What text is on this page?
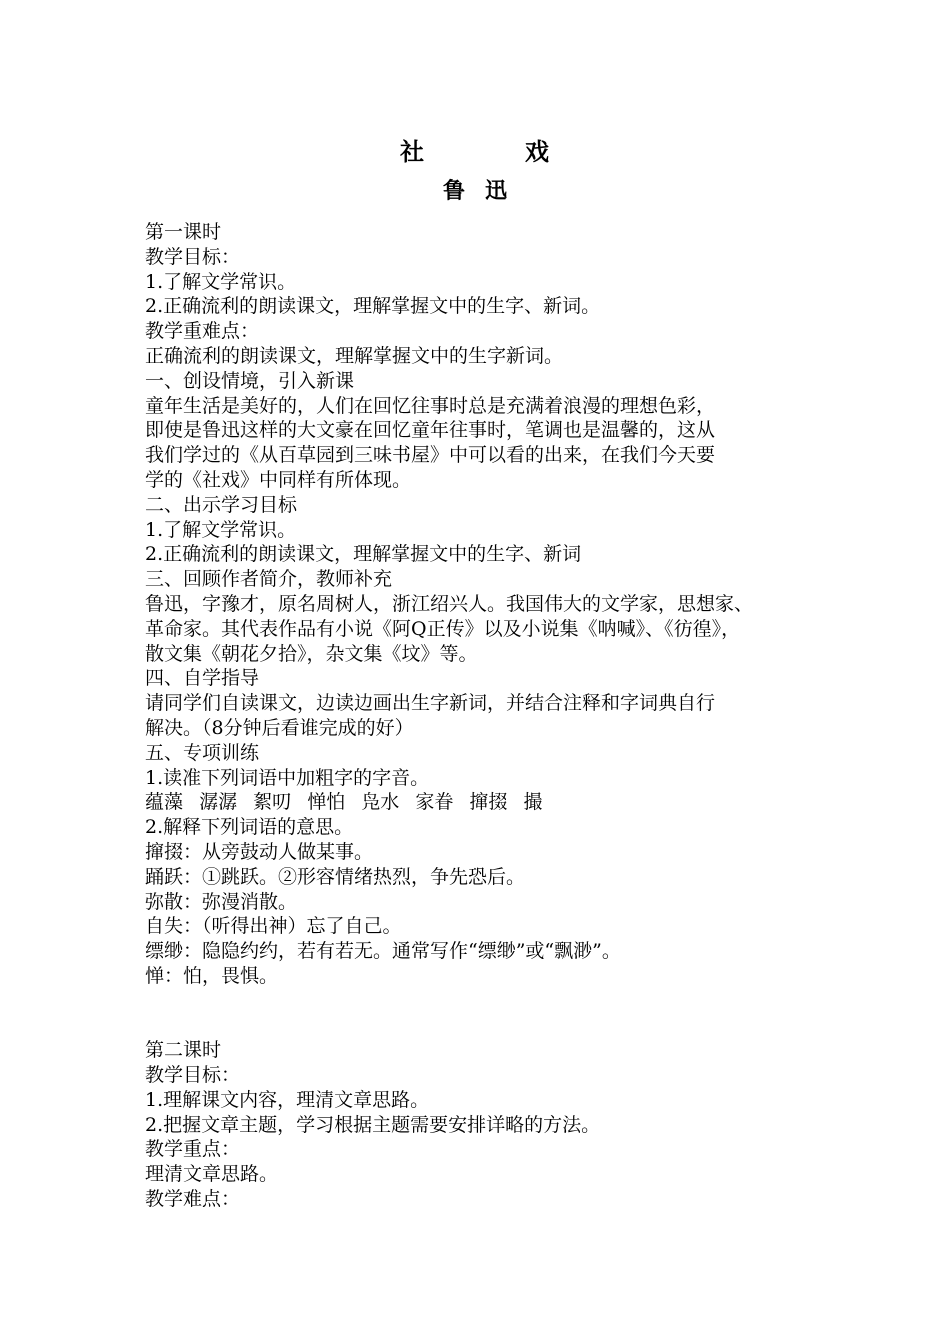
社	戏
鲁 迅
第一课时
教学目标：
1.了解文学常识。
2.正确流利的朗读课文，理解掌握文中的生字、新词。
教学重难点：
正确流利的朗读课文，理解掌握文中的生字新词。
一、创设情境，引入新课
童年生活是美好的，人们在回忆往事时总是充满着浪漫的理想色彩，
即使是鲁迅这样的大文豪在回忆童年往事时，笔调也是温馨的，这从
我们学过的《从百草园到三味书屋》中可以看的出来，在我们今天要
学的《社戏》中同样有所体现。
二、出示学习目标
1.了解文学常识。
2.正确流利的朗读课文，理解掌握文中的生字、新词
三、回顾作者简介，教师补充
鲁迅，字豫才，原名周树人，浙江绍兴人。我国伟大的文学家，思想家、
革命家。其代表作品有小说《阿Q正传》以及小说集《呐喊》、《彷徨》，
散文集《朝花夕拾》，杂文集《坟》等。
四、自学指导
请同学们自读课文，边读边画出生字新词，并结合注释和字词典自行
解决。（8分钟后看谁完成的好）
五、专项训练
1.读准下列词语中加粗字的字音。
蕴藻 潺潺 絮叨 惮怕 凫水 家眷 撺掇 撮
2.解释下列词语的意思。
撺掇：从旁鼓动人做某事。
踊跃：①跳跃。②形容情绪热烈，争先恐后。
弥散：弥漫消散。
自失：（听得出神）忘了自己。
缥缈：隐隐约约，若有若无。通常写作“缥缈”或“飘渺”。
惮：怕，畏惧。
第二课时
教学目标：
1.理解课文内容，理清文章思路。
2.把握文章主题，学习根据主题需要安排详略的方法。
教学重点：
理清文章思路。
教学难点：
